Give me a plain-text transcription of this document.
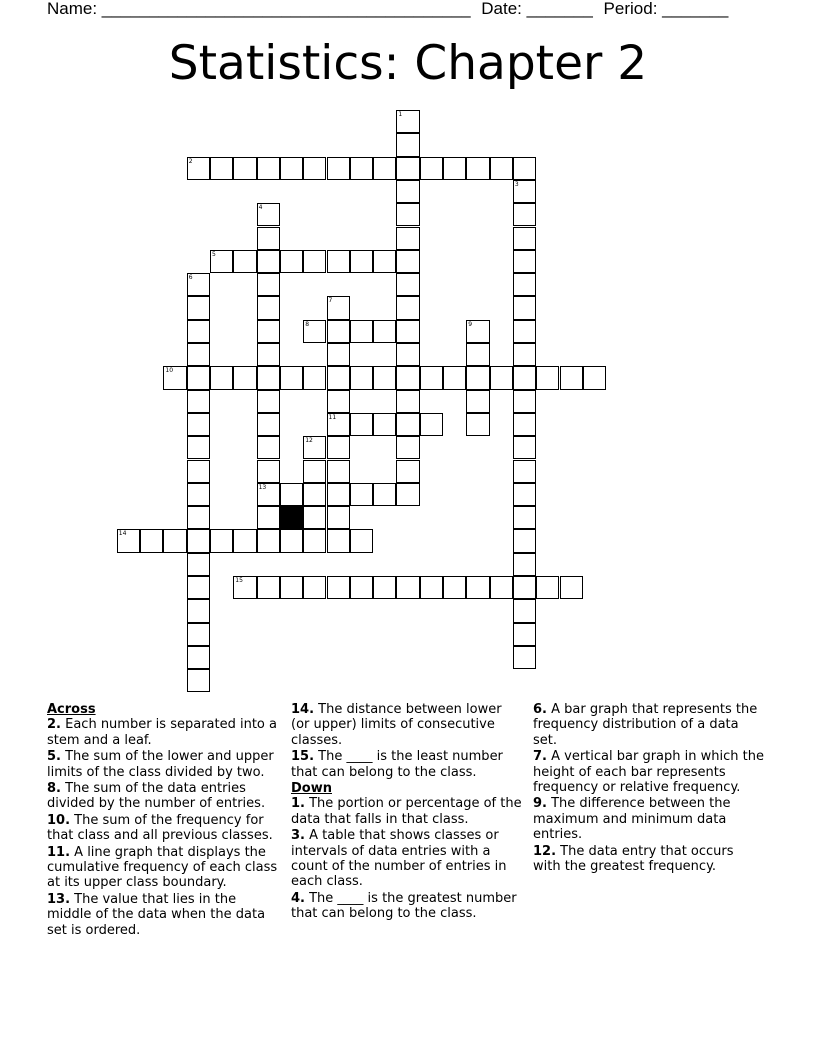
Name: _______________________________________ Date: _______ Period: _______
Statistics: Chapter 2
1
2
3
4
13
5
6
7
11
8	9
10
12
14
15
Across
2. Each number is separated into a stem and a leaf.
5. The sum of the lower and upper limits of the class divided by two.
8. The sum of the data entries divided by the number of entries.
10. The sum of the frequency for that class and all previous classes.
11. A line graph that displays the cumulative frequency of each class at its upper class boundary.
13. The value that lies in the middle of the data when the data set is ordered.
14. The distance between lower (or upper) limits of consecutive classes.
15. The ____ is the least number that can belong to the class.
Down
1. The portion or percentage of the data that falls in that class.
3. A table that shows classes or intervals of data entries with a count of the number of entries in each class.
4. The ____ is the greatest number that can belong to the class.
6. A bar graph that represents the frequency distribution of a data set.
7. A vertical bar graph in which the height of each bar represents frequency or relative frequency.
9. The difference between the maximum and minimum data entries.
12. The data entry that occurs with the greatest frequency.
